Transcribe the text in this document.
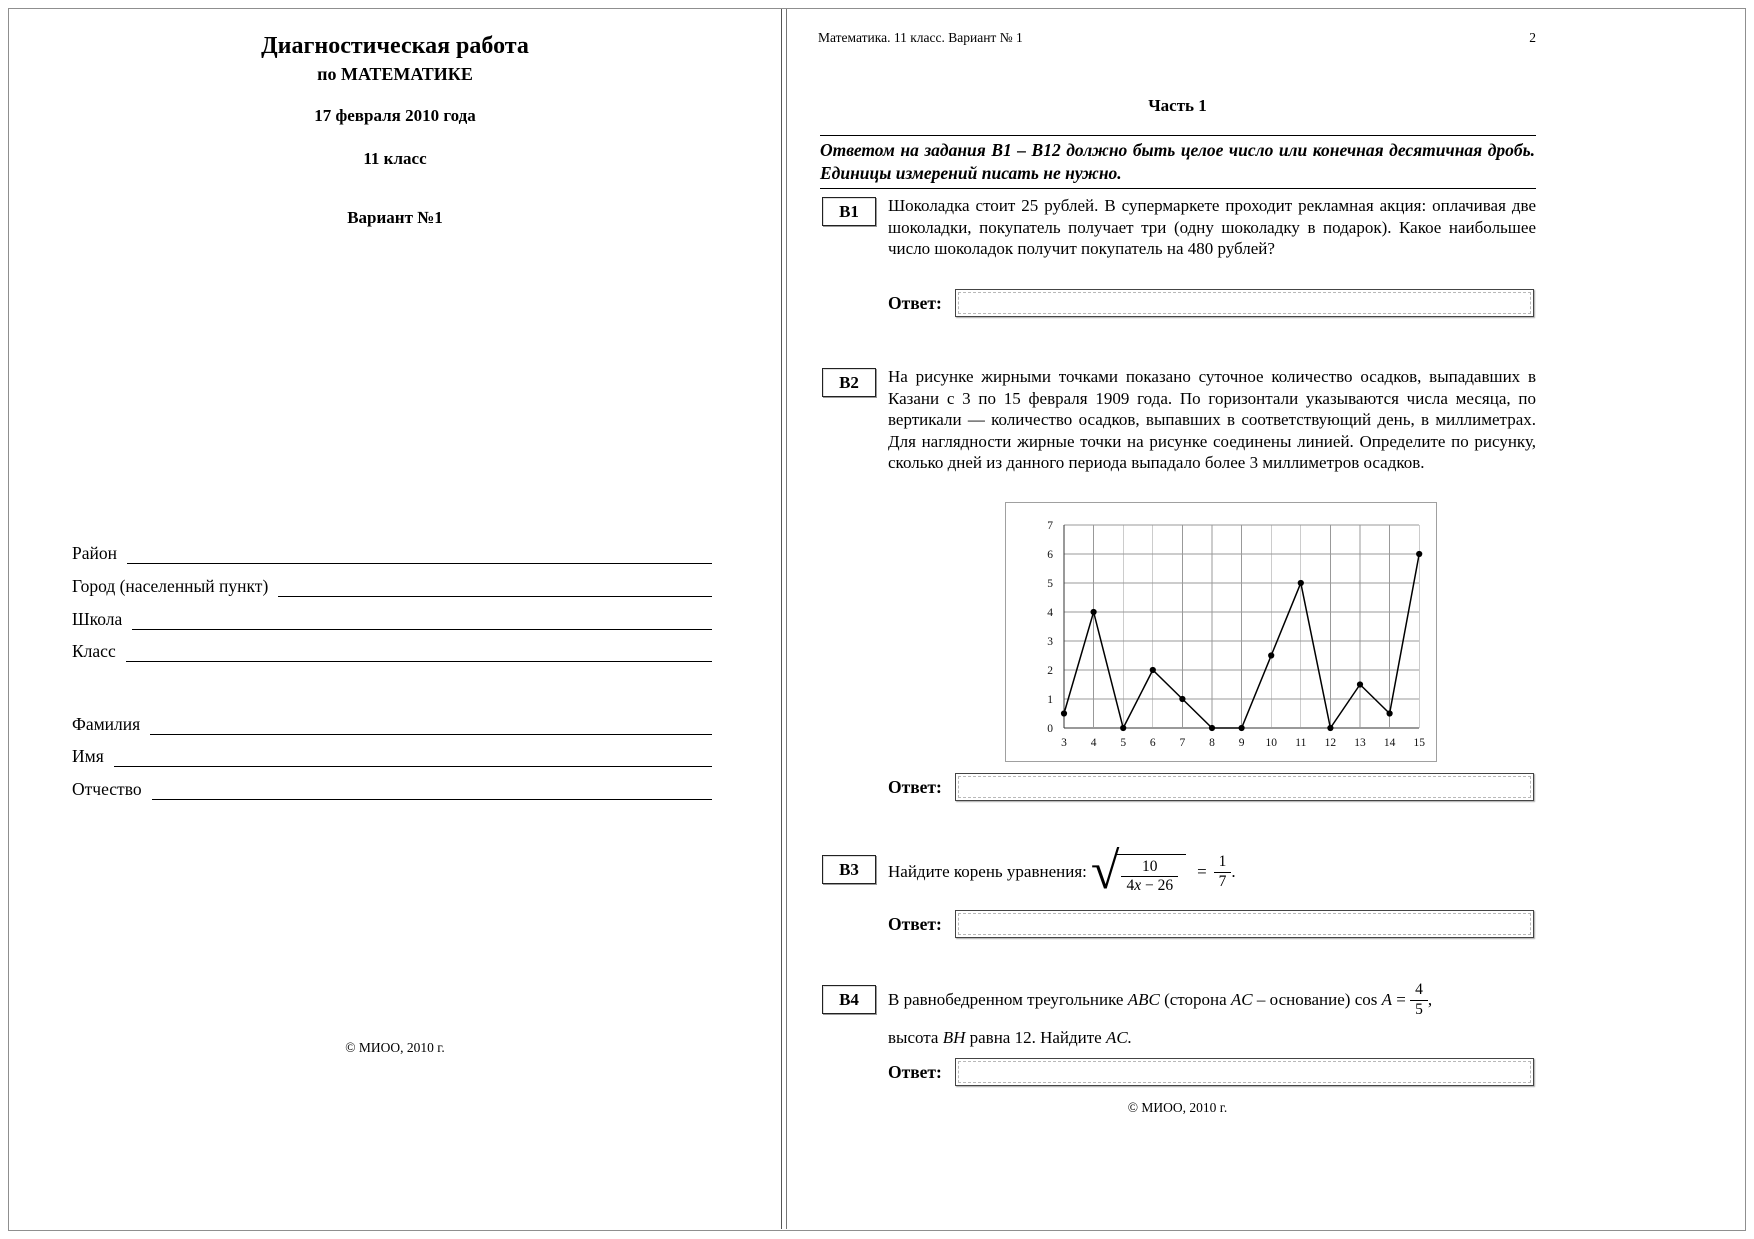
Диагностическая работа
по МАТЕМАТИКЕ
17 февраля 2010 года
11 класс
Вариант №1
Район
Город (населенный пункт)
Школа
Класс
Фамилия
Имя
Отчество
© МИОО, 2010 г.
Математика. 11 класс. Вариант № 1	2
Часть 1
Ответом на задания В1 – В12 должно быть целое число или конечная десятичная дробь. Единицы измерений писать не нужно.
В1	Шоколадка стоит 25 рублей. В супермаркете проходит рекламная акция: оплачивая две шоколадки, покупатель получает три (одну шоколадку в подарок). Какое наибольшее число шоколадок получит покупатель на 480 рублей?
Ответ:
В2	На рисунке жирными точками показано суточное количество осадков, выпадавших в Казани с 3 по 15 февраля 1909 года. По горизонтали указываются числа месяца, по вертикали — количество осадков, выпавших в соответствующий день, в миллиметрах. Для наглядности жирные точки на рисунке соединены линией. Определите по рисунку, сколько дней из данного периода выпадало более 3 миллиметров осадков.
0
1
2
3
4
5
6
7
3 4 5 6 7 8 9 10 11 12 13 14 15
Ответ:
В3	Найдите корень уравнения: √ $\frac{10}{4x - 26} = \frac{1}{7}$ .
Ответ:
В4	В равнобедренном треугольнике
ABC
(сторона
AC
–
основание)
cos
A
=
$\frac{4}{5}$ ,
высота BH равна 12. Найдите AC.
Ответ:
© МИОО, 2010 г.
